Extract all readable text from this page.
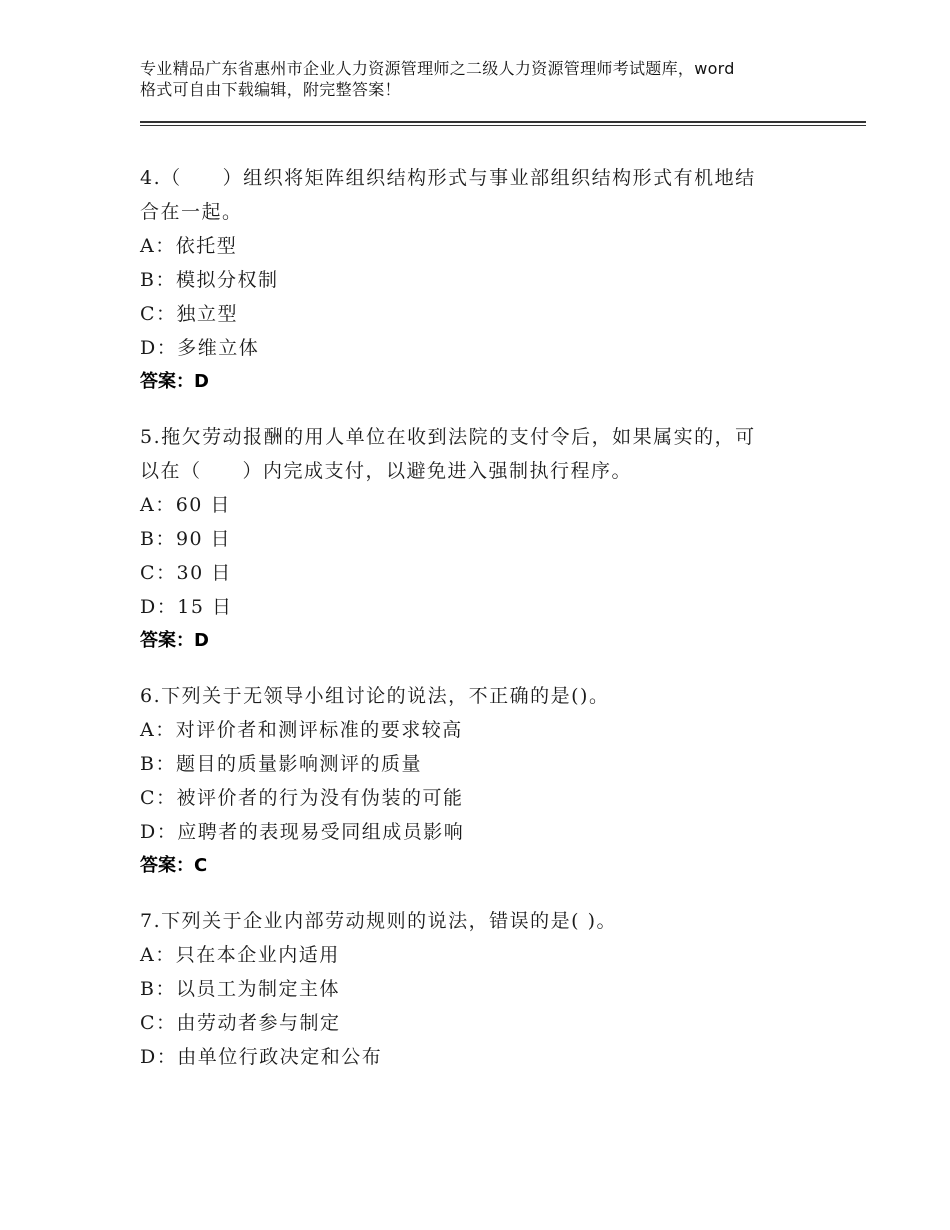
专业精品广东省惠州市企业人力资源管理师之二级人力资源管理师考试题库，word
格式可自由下载编辑，附完整答案！

4.（　　）组织将矩阵组织结构形式与事业部组织结构形式有机地结

合在一起。

A：依托型

B：模拟分权制

C：独立型

D：多维立体

答案：D

5.拖欠劳动报酬的用人单位在收到法院的支付令后，如果属实的，可

以在（　　）内完成支付，以避免进入强制执行程序。

A：60 日

B：90 日

C：30 日

D：15 日

答案：D

6.下列关于无领导小组讨论的说法，不正确的是()。

A：对评价者和测评标准的要求较高

B：题目的质量影响测评的质量

C：被评价者的行为没有伪装的可能

D：应聘者的表现易受同组成员影响

答案：C

7.下列关于企业内部劳动规则的说法，错误的是( )。

A：只在本企业内适用

B：以员工为制定主体

C：由劳动者参与制定

D：由单位行政决定和公布
